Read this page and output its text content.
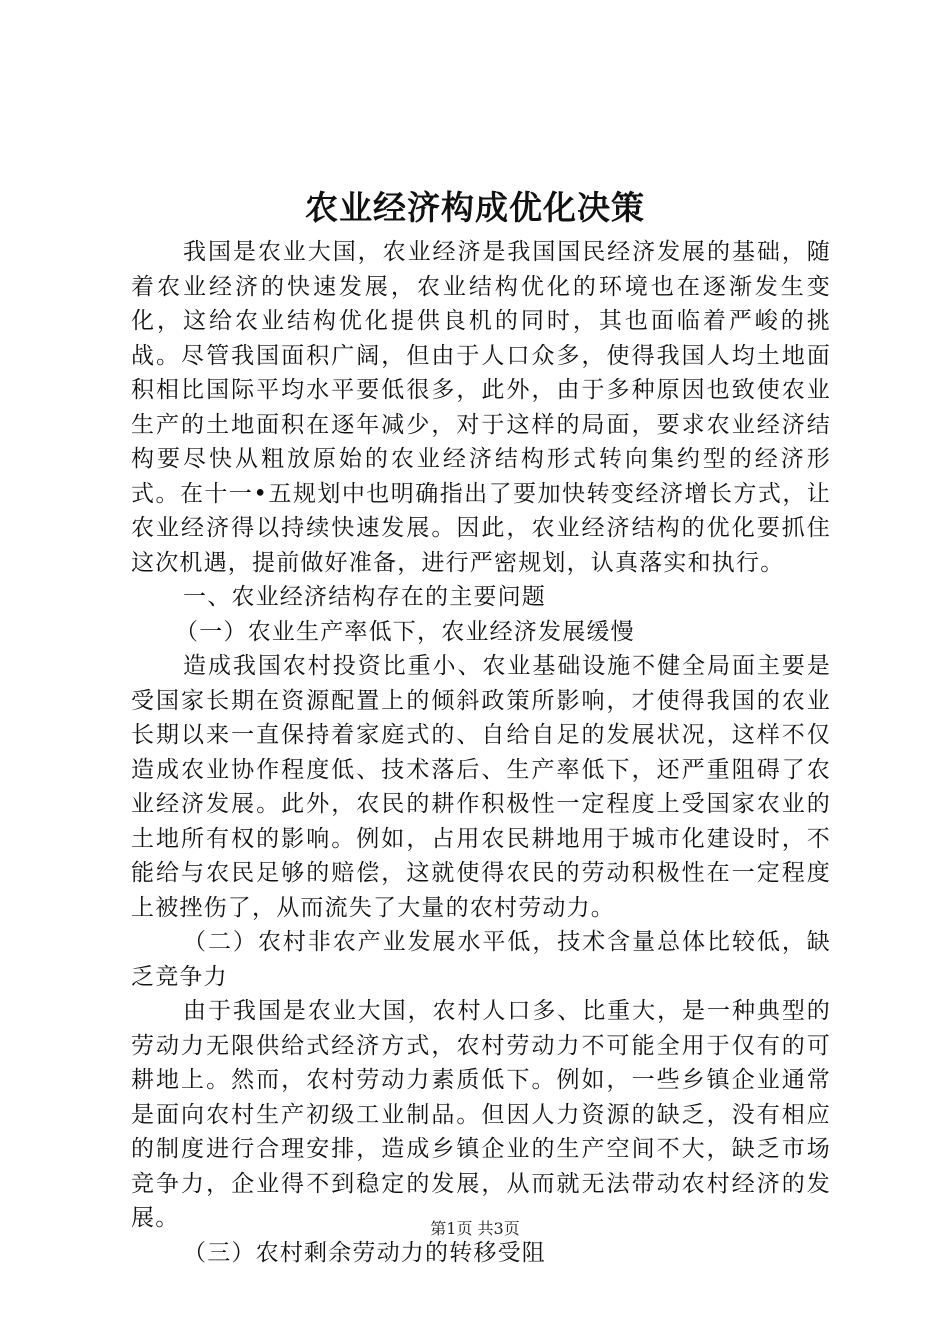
农业经济构成优化决策

我国是农业大国，农业经济是我国国民经济发展的基础，随着农业经济的快速发展，农业结构优化的环境也在逐渐发生变化，这给农业结构优化提供良机的同时，其也面临着严峻的挑战。尽管我国面积广阔，但由于人口众多，使得我国人均土地面积相比国际平均水平要低很多，此外，由于多种原因也致使农业生产的土地面积在逐年减少，对于这样的局面，要求农业经济结构要尽快从粗放原始的农业经济结构形式转向集约型的经济形式。在十一•五规划中也明确指出了要加快转变经济增长方式，让农业经济得以持续快速发展。因此，农业经济结构的优化要抓住这次机遇，提前做好准备，进行严密规划，认真落实和执行。

一、农业经济结构存在的主要问题

（一）农业生产率低下，农业经济发展缓慢

造成我国农村投资比重小、农业基础设施不健全局面主要是受国家长期在资源配置上的倾斜政策所影响，才使得我国的农业长期以来一直保持着家庭式的、自给自足的发展状况，这样不仅造成农业协作程度低、技术落后、生产率低下，还严重阻碍了农业经济发展。此外，农民的耕作积极性一定程度上受国家农业的土地所有权的影响。例如，占用农民耕地用于城市化建设时，不能给与农民足够的赔偿，这就使得农民的劳动积极性在一定程度上被挫伤了，从而流失了大量的农村劳动力。

（二）农村非农产业发展水平低，技术含量总体比较低，缺乏竞争力

由于我国是农业大国，农村人口多、比重大，是一种典型的劳动力无限供给式经济方式，农村劳动力不可能全用于仅有的可耕地上。然而，农村劳动力素质低下。例如，一些乡镇企业通常是面向农村生产初级工业制品。但因人力资源的缺乏，没有相应的制度进行合理安排，造成乡镇企业的生产空间不大，缺乏市场竞争力，企业得不到稳定的发展，从而就无法带动农村经济的发展。

（三）农村剩余劳动力的转移受阻

第1页 共3页
